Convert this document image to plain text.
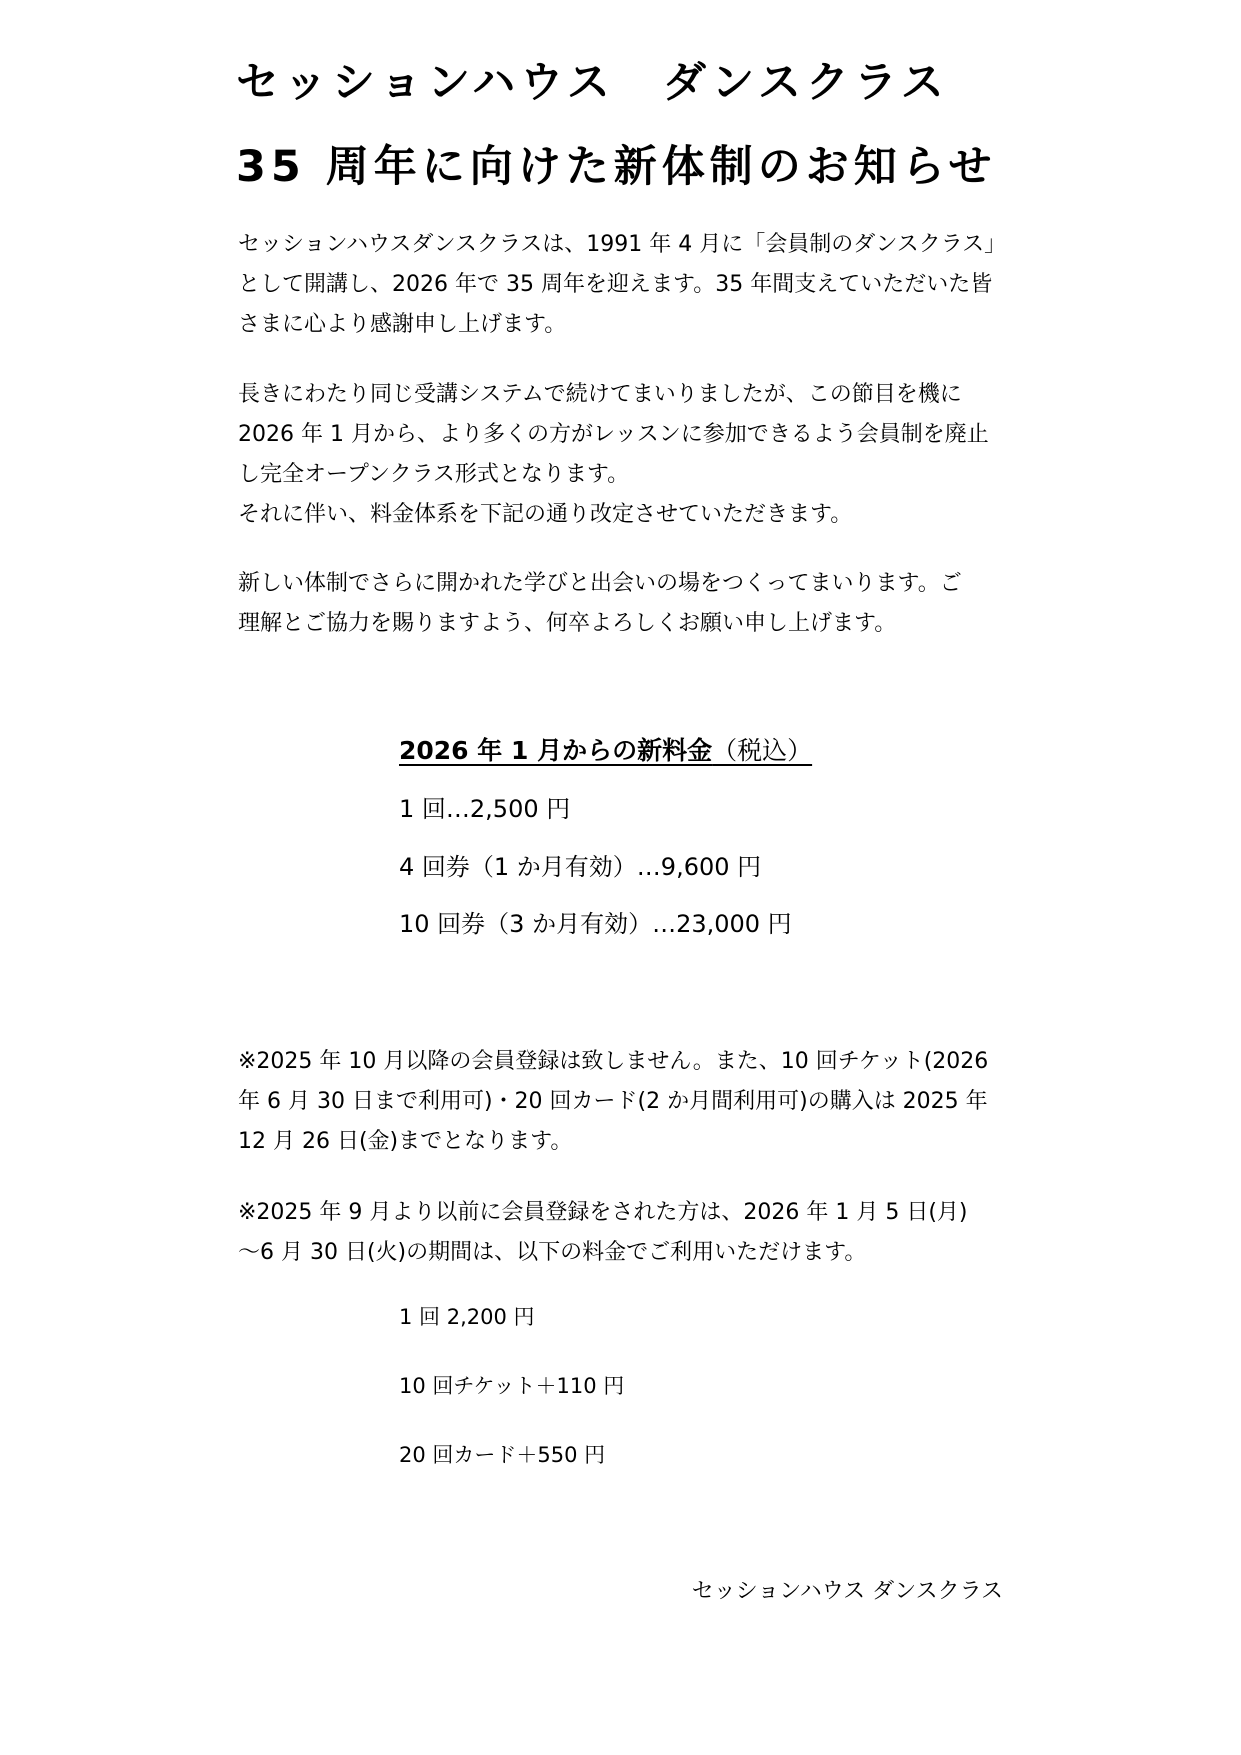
セッションハウス　ダンスクラス
35 周年に向けた新体制のお知らせ

セッションハウスダンスクラスは、1991 年 4 月に「会員制のダンスクラス」
として開講し、2026 年で 35 周年を迎えます。35 年間支えていただいた皆
さまに心より感謝申し上げます。

長きにわたり同じ受講システムで続けてまいりましたが、この節目を機に
2026 年 1 月から、より多くの方がレッスンに参加できるよう会員制を廃止
し完全オープンクラス形式となります。
それに伴い、料金体系を下記の通り改定させていただきます。

新しい体制でさらに開かれた学びと出会いの場をつくってまいります。ご
理解とご協力を賜りますよう、何卒よろしくお願い申し上げます。

2026 年 1 月からの新料金（税込）
1 回…2,500 円
4 回券（1 か月有効）…9,600 円
10 回券（3 か月有効）…23,000 円

※2025 年 10 月以降の会員登録は致しません。また、10 回チケット(2026
年 6 月 30 日まで利用可)・20 回カード(2 か月間利用可)の購入は 2025 年
12 月 26 日(金)までとなります。

※2025 年 9 月より以前に会員登録をされた方は、2026 年 1 月 5 日(月)
～6 月 30 日(火)の期間は、以下の料金でご利用いただけます。

1 回 2,200 円
10 回チケット＋110 円
20 回カード＋550 円
セッションハウス ダンスクラス
